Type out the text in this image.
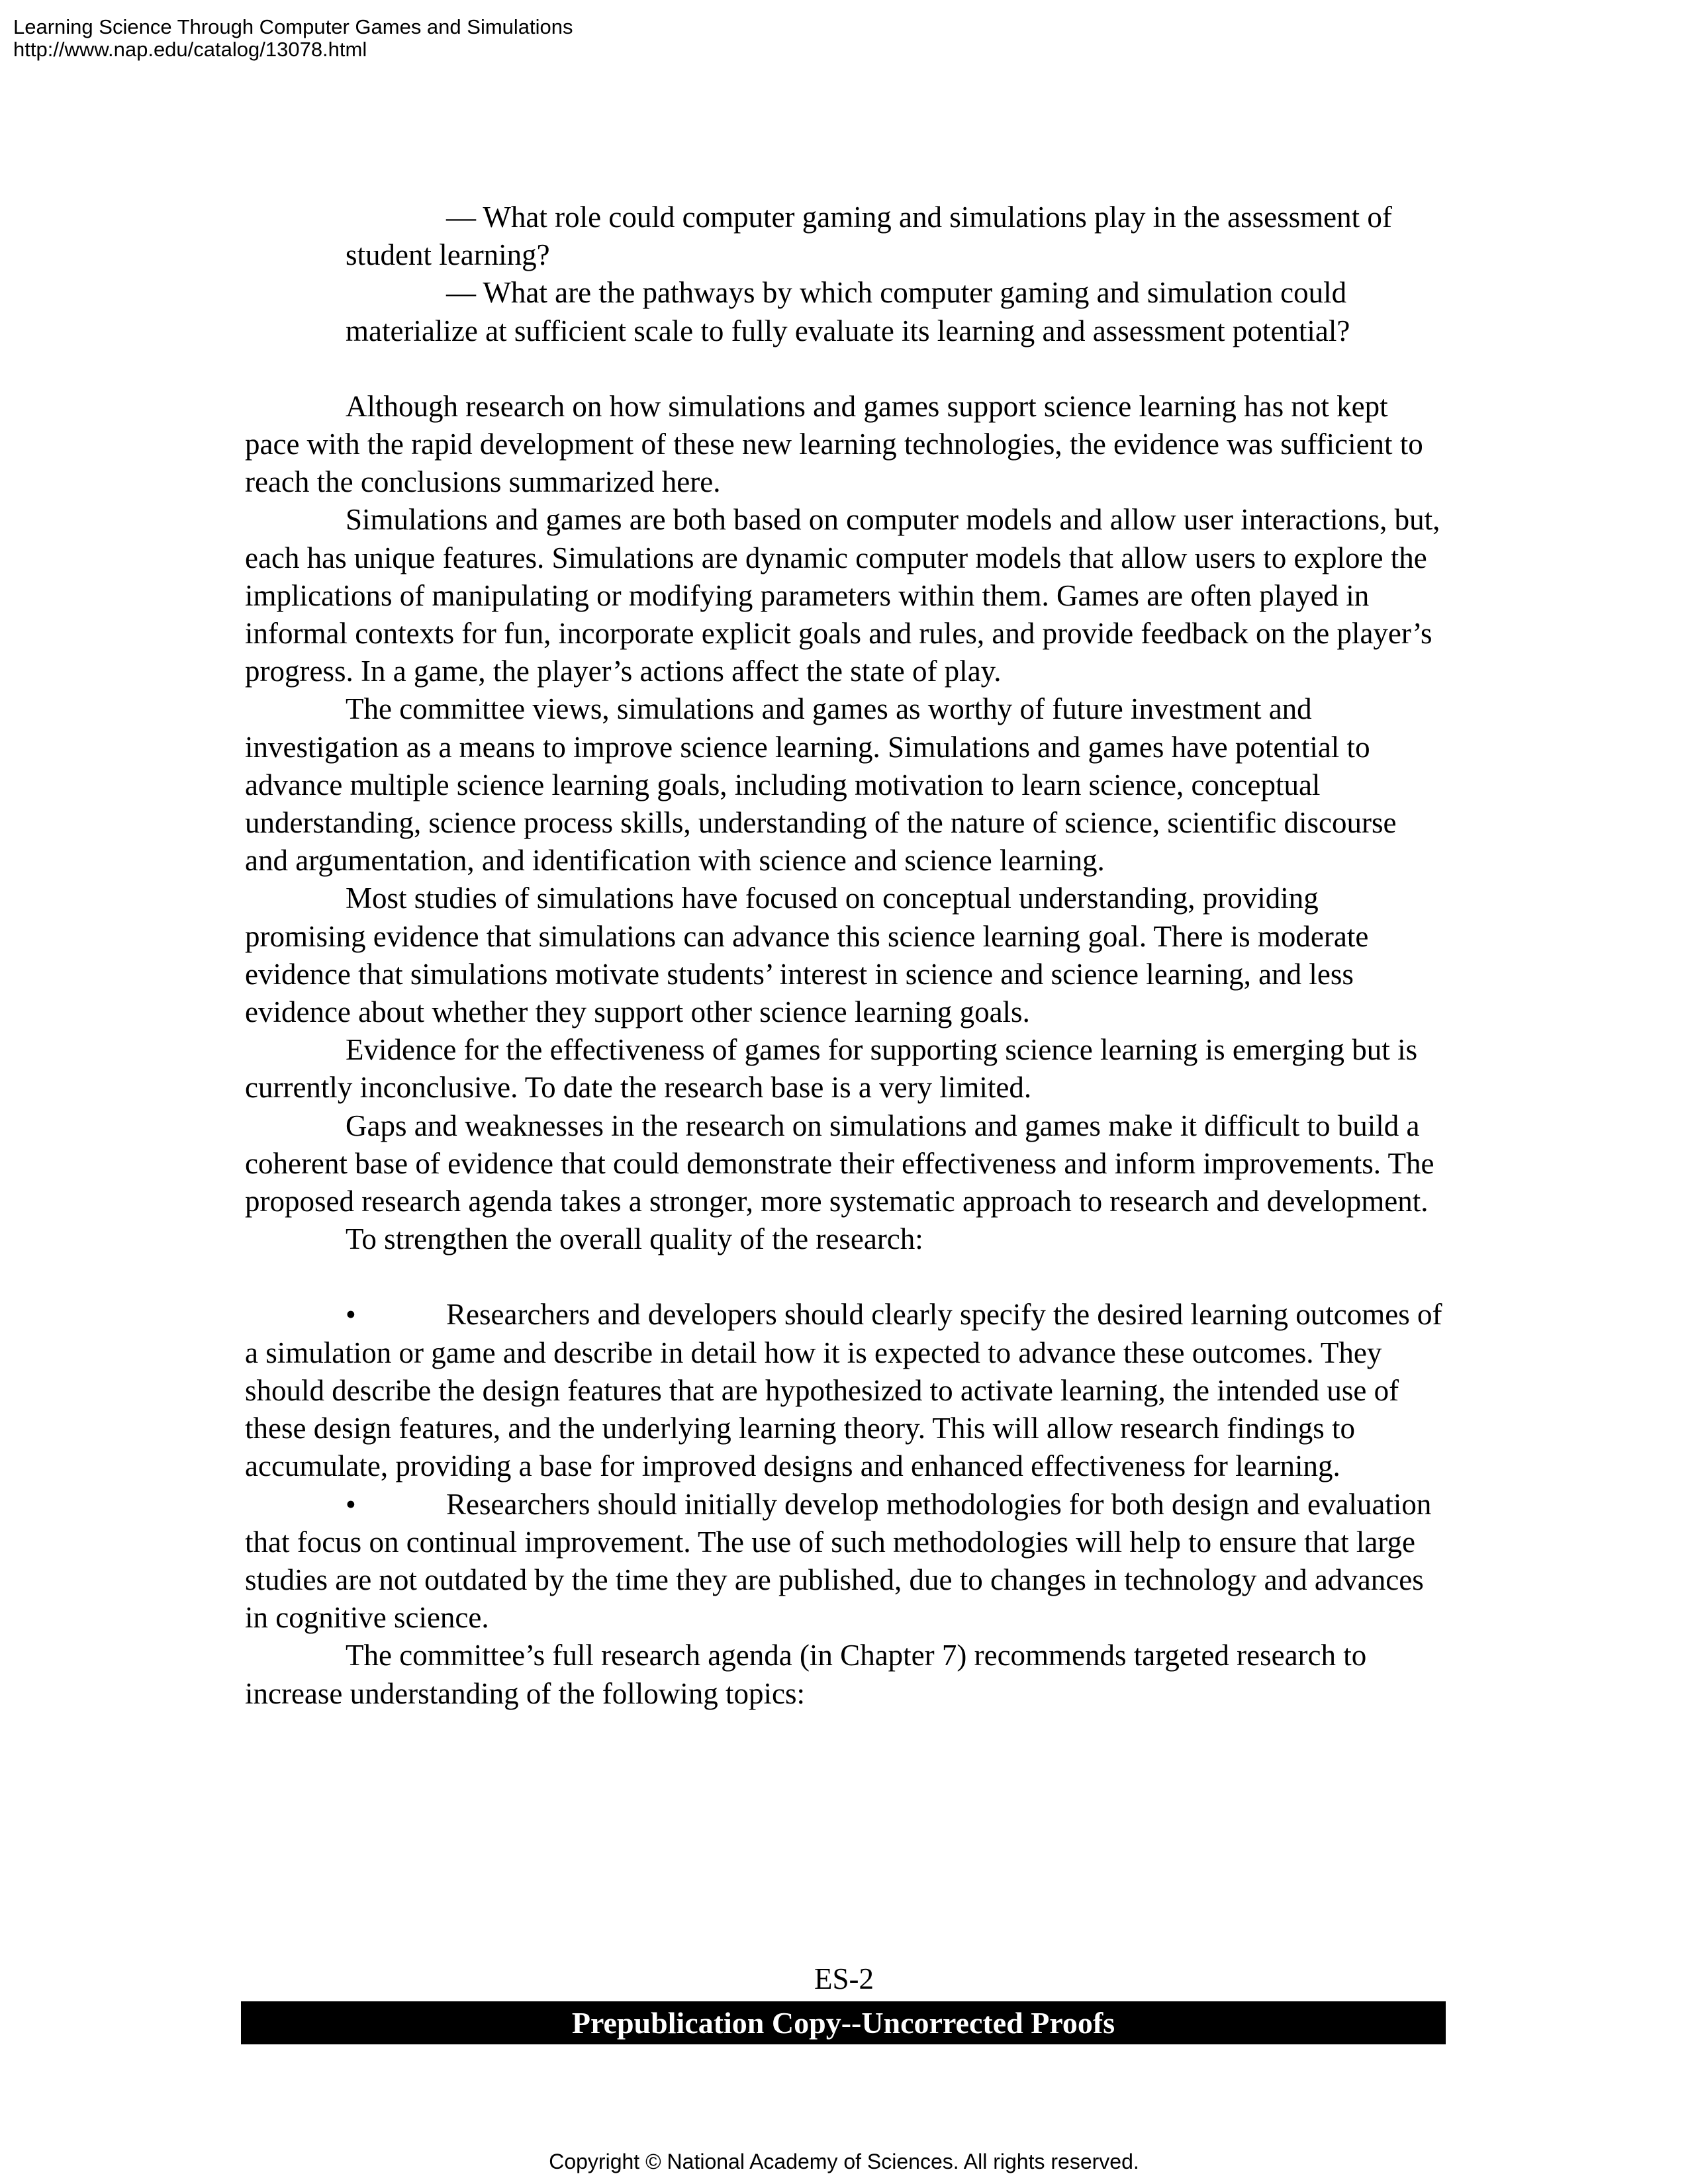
Learning Science Through Computer Games and Simulations
http://www.nap.edu/catalog/13078.html

— What role could computer gaming and simulations play in the assessment of student learning?

— What are the pathways by which computer gaming and simulation could materialize at sufficient scale to fully evaluate its learning and assessment potential?

Although research on how simulations and games support science learning has not kept pace with the rapid development of these new learning technologies, the evidence was sufficient to reach the conclusions summarized here.

Simulations and games are both based on computer models and allow user interactions, but, each has unique features. Simulations are dynamic computer models that allow users to explore the implications of manipulating or modifying parameters within them. Games are often played in informal contexts for fun, incorporate explicit goals and rules, and provide feedback on the player’s progress. In a game, the player’s actions affect the state of play.

The committee views, simulations and games as worthy of future investment and investigation as a means to improve science learning. Simulations and games have potential to advance multiple science learning goals, including motivation to learn science, conceptual understanding, science process skills, understanding of the nature of science, scientific discourse and argumentation, and identification with science and science learning.

Most studies of simulations have focused on conceptual understanding, providing promising evidence that simulations can advance this science learning goal. There is moderate evidence that simulations motivate students’ interest in science and science learning, and less evidence about whether they support other science learning goals.

Evidence for the effectiveness of games for supporting science learning is emerging but is currently inconclusive. To date the research base is a very limited.

Gaps and weaknesses in the research on simulations and games make it difficult to build a coherent base of evidence that could demonstrate their effectiveness and inform improvements. The proposed research agenda takes a stronger, more systematic approach to research and development.

To strengthen the overall quality of the research:

•	Researchers and developers should clearly specify the desired learning outcomes of a simulation or game and describe in detail how it is expected to advance these outcomes. They should describe the design features that are hypothesized to activate learning, the intended use of these design features, and the underlying learning theory. This will allow research findings to accumulate, providing a base for improved designs and enhanced effectiveness for learning.

•	Researchers should initially develop methodologies for both design and evaluation that focus on continual improvement. The use of such methodologies will help to ensure that large studies are not outdated by the time they are published, due to changes in technology and advances in cognitive science.

The committee’s full research agenda (in Chapter 7) recommends targeted research to increase understanding of the following topics:

ES-2
Prepublication Copy--Uncorrected Proofs
Copyright © National Academy of Sciences. All rights reserved.
